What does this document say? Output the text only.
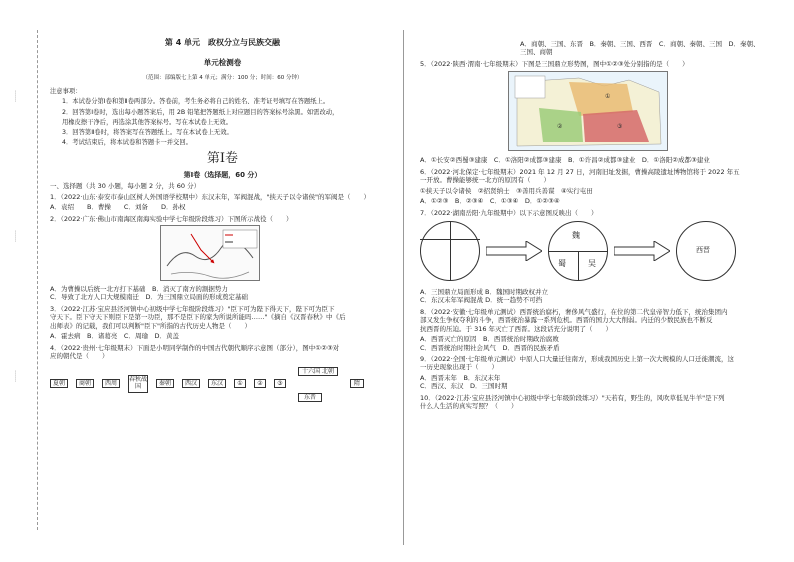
……
……
……
第 4 单元　政权分立与民族交融
单元检测卷
（范围：部编版七上第 4 单元；满分：100 分；时间：60 分钟）
注意事项：
1．本试卷分第Ⅰ卷和第Ⅱ卷两部分。答卷前，考生务必将自己的姓名、准考证号填写在答题纸上。
2．回答第Ⅰ卷时，选出每小题答案后，用 2B 铅笔把答题纸上对应题目的答案标号涂黑。如需改动，
用橡皮擦干净后，再选涂其他答案标号。写在本试卷上无效。
3．回答第Ⅱ卷时，将答案写在答题纸上。写在本试卷上无效。
4．考试结束后，将本试卷和答题卡一并交回。
第Ⅰ卷
第Ⅰ卷（选择题，60 分）
一、选择题（共 30 小题，每小题 2 分，共 60 分）
1．（2022·山东·泰安市泰山区树人外国语学校期中）东汉末年，军阀混战，"挟天子以令诸侯"的军阀是（　　）
A．袁绍　　B．曹操　　C．刘备　　D．孙权
2．（2022·广东·佛山市南海区南海实验中学七年级阶段练习）下图所示战役（　　）
A．为曹操以后统一北方打下基础　B．消灭了南方的割据势力
C．导致了北方人口大规模南迁　D．为三国鼎立局面的形成奠定基础
3．（2022·江苏·宝应县泾河镇中心初级中学七年级阶段练习）"臣下可为陛下得天下，陛下可为臣下
守天下。臣下守天下则臣下是第一功臣，那不是臣下的家为所说所能吗……"《摘自《汉晋春秋》中《后
出师表》的记载，我们可以判断"臣下"所指的古代历史人物是（　　）
A．霍去病　B．诸葛亮　C．周瑜　D．黄盖
4．（2022·贵州·七年级期末）下面是小明同学制作的中国古代朝代顺序示意图（部分），图中①②③对
应的朝代是（　　）
夏朝	商朝	西周
春秋战国
秦朝	西汉	东汉	①	②	③
十六国 北朝
东晋
隋
A．商朝、三国、东晋　B．秦朝、三国、西晋　C．商朝、秦朝、三国　D．秦朝、三国、商朝
5．（2022·陕西·渭南·七年级期末）下图是三国鼎立形势图，图中①②③处分别指的是（　　）
①
②	③
A．①长安②西蜀③建康　C．①洛阳②成都③建康　B．①许昌②成都③建业　D．①洛阳②成都③建业
6．（2022·河北保定·七年级期末）2021 年 12 月 27 日，河南旧址发掘，曹操高陵遗址博物馆将于 2022 年五
一开放。曹操能够统一北方的原因有（　　）
①挟天子以令诸侯　②招贤纳士　③善用兵善谋　④实行屯田
A．①②③　B．②③④　C．①③④　D．①②③④
7．（2022·湖南岳阳·九年级期中）以下示意图反映出（　　）
魏
蜀	吴
西晋
A．三国鼎立局面形成 B．魏国时期政权并立
C．东汉末年军阀混战 D．统一趋势不可挡
8．（2022·安徽·七年级单元测试）西晋统治腐朽，奢侈风气盛行，在位的第二代皇帝智力低下，统治集团内
部又发生争权夺利的斗争，西晋统治暴露一系列危机。西晋的国力大大削弱。内迁的少数民族也不断反
抗西晋的压迫。于 316 年灭亡了西晋。这段话充分说明了（　　）
A．西晋灭亡的原因　B．西晋统治时期政治腐败
C．西晋统治时期社会风气　D．西晋的民族矛盾
9．（2022·全国·七年级单元测试）中原人口大量迁往南方，形成我国历史上第一次大规模的人口迁徙潮流，这
一历史现象出现于（　　）
A．西晋末年　B．东汉末年
C．西汉、东汉　D．三国时期
10．（2022·江苏·宝应县泾河镇中心初级中学七年级阶段练习）"天若有，野生的，风吹草低见牛羊"是下列
什么人生活的真实写照？（　　）
